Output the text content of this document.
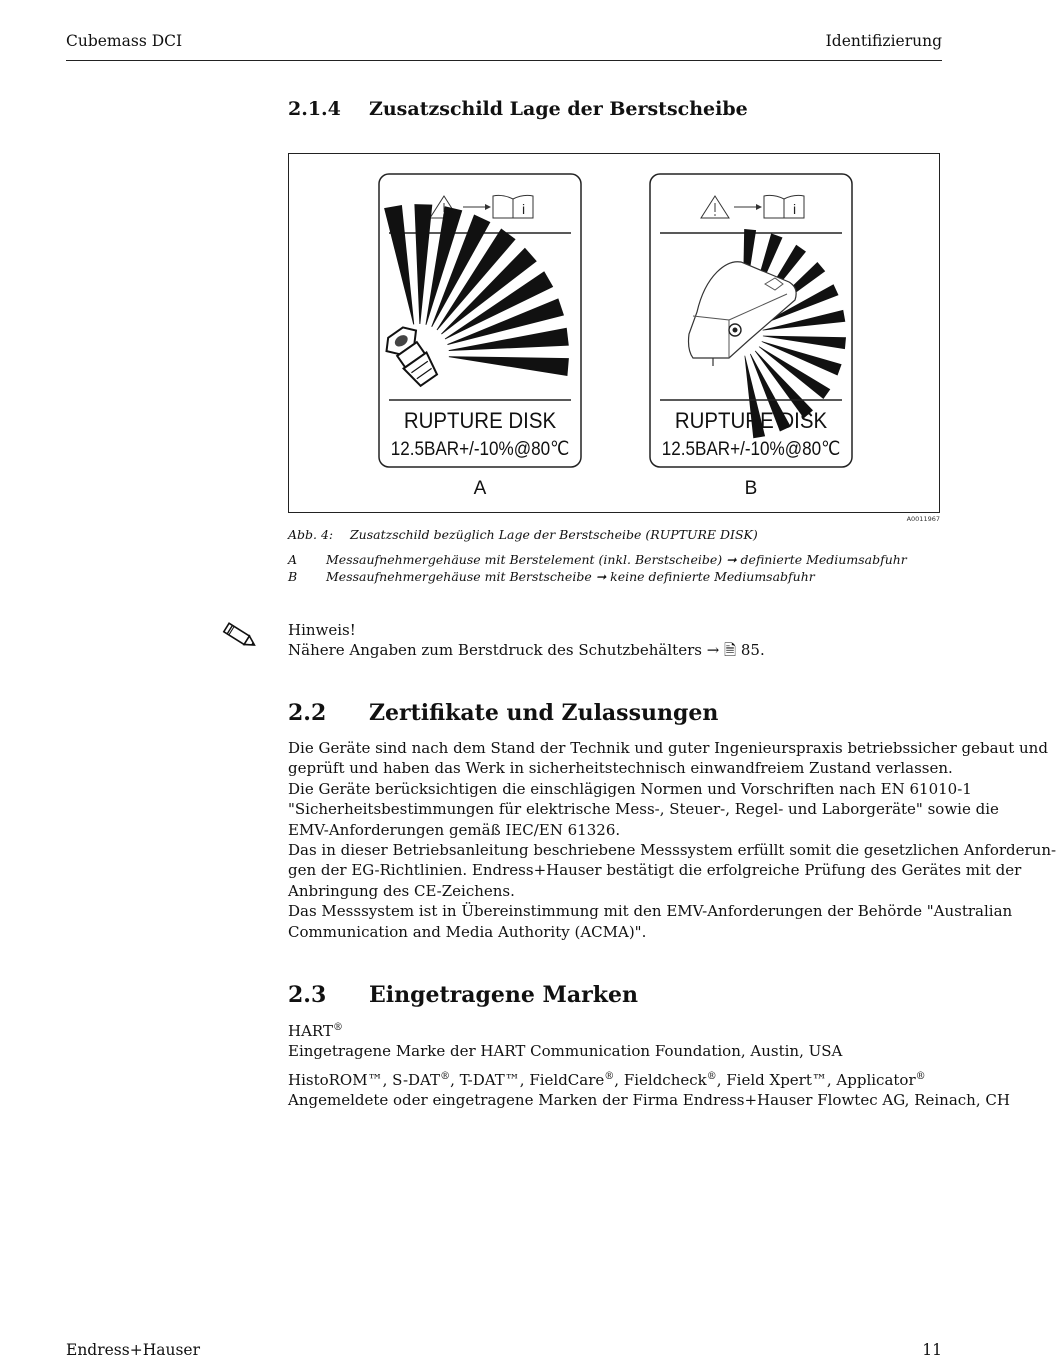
Cubemass DCI	Identifizierung
2.1.4 Zusatzschild Lage der Berstscheibe
i
RUPTURE DISK
12.5BAR+/-10%@80℃
A
i
RUPTURE DISK
12.5BAR+/-10%@80℃
B
A0011967
Abb. 4: Zusatzschild bezüglich Lage der Berstscheibe (RUPTURE DISK)
A Messaufnehmergehäuse mit Berstelement (inkl. Berstscheibe) ➞ definierte Mediumsabfuhr
B Messaufnehmergehäuse mit Berstscheibe ➞ keine definierte Mediumsabfuhr
Hinweis!
Nähere Angaben zum Berstdruck des Schutzbehälters → 🗎 85.
2.2 Zertifikate und Zulassungen
Die Geräte sind nach dem Stand der Technik und guter Ingenieurspraxis betriebssicher gebaut und
geprüft und haben das Werk in sicherheitstechnisch einwandfreiem Zustand verlassen.
Die Geräte berücksichtigen die einschlägigen Normen und Vorschriften nach EN 61010-1
"Sicherheitsbestimmungen für elektrische Mess-, Steuer-, Regel- und Laborgeräte" sowie die
EMV-Anforderungen gemäß IEC/EN 61326.
Das in dieser Betriebsanleitung beschriebene Messsystem erfüllt somit die gesetzlichen Anforderun-
gen der EG-Richtlinien. Endress+Hauser bestätigt die erfolgreiche Prüfung des Gerätes mit der
Anbringung des CE-Zeichens.
Das Messsystem ist in Übereinstimmung mit den EMV-Anforderungen der Behörde "Australian
Communication and Media Authority (ACMA)".
2.3 Eingetragene Marken
HART®
Eingetragene Marke der HART Communication Foundation, Austin, USA
HistoROM™, S-DAT®, T-DAT™, FieldCare®, Fieldcheck®, Field Xpert™, Applicator®
Angemeldete oder eingetragene Marken der Firma Endress+Hauser Flowtec AG, Reinach, CH
Endress+Hauser	11
